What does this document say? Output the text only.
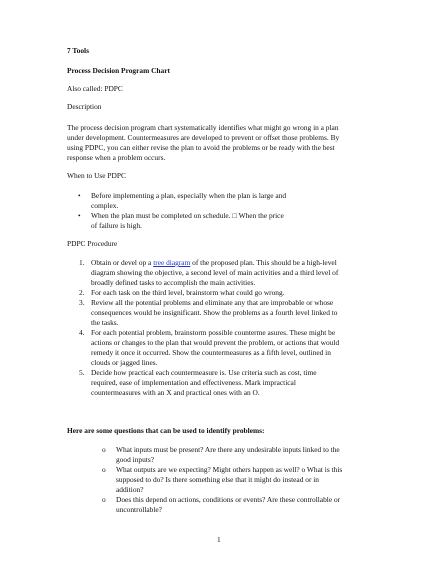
7 Tools
Process Decision Program Chart
Also called: PDPC
Description
The process decision program chart systematically identifies what might go wrong in a plan
under development. Countermeasures are developed to prevent or offset those problems. By
using PDPC, you can either revise the plan to avoid the problems or be ready with the best
response when a problem occurs.
When to Use PDPC
• Before implementing a plan, especially when the plan is large and
complex.
• When the plan must be completed on schedule. □ When the price
of failure is high.
PDPC Procedure
1. Obtain or devel op a tree diagram of the proposed plan. This should be a high-level
diagram showing the objective, a second level of main activities and a third level of
broadly defined tasks to accomplish the main activities.
2. For each task on the third level, brainstorm what could go wrong.
3. Review all the potential problems and eliminate any that are improbable or whose
consequences would be insignificant. Show the problems as a fourth level linked to
the tasks.
4. For each potential problem, brainstorm possible counterme asures. These might be
actions or changes to the plan that would prevent the problem, or actions that would
remedy it once it occurred. Show the countermeasures as a fifth level, outlined in
clouds or jagged lines.
5. Decide how practical each countermeasure is. Use criteria such as cost, time
required, ease of implementation and effectiveness. Mark impractical
countermeasures with an X and practical ones with an O.
Here are some questions that can be used to identify problems:
o What inputs must be present? Are there any undesirable inputs linked to the
good inputs?
o What outputs are we expecting? Might others happen as well? o What is this
supposed to do? Is there something else that it might do instead or in
addition?
o Does this depend on actions, conditions or events? Are these controllable or
uncontrollable?
1
